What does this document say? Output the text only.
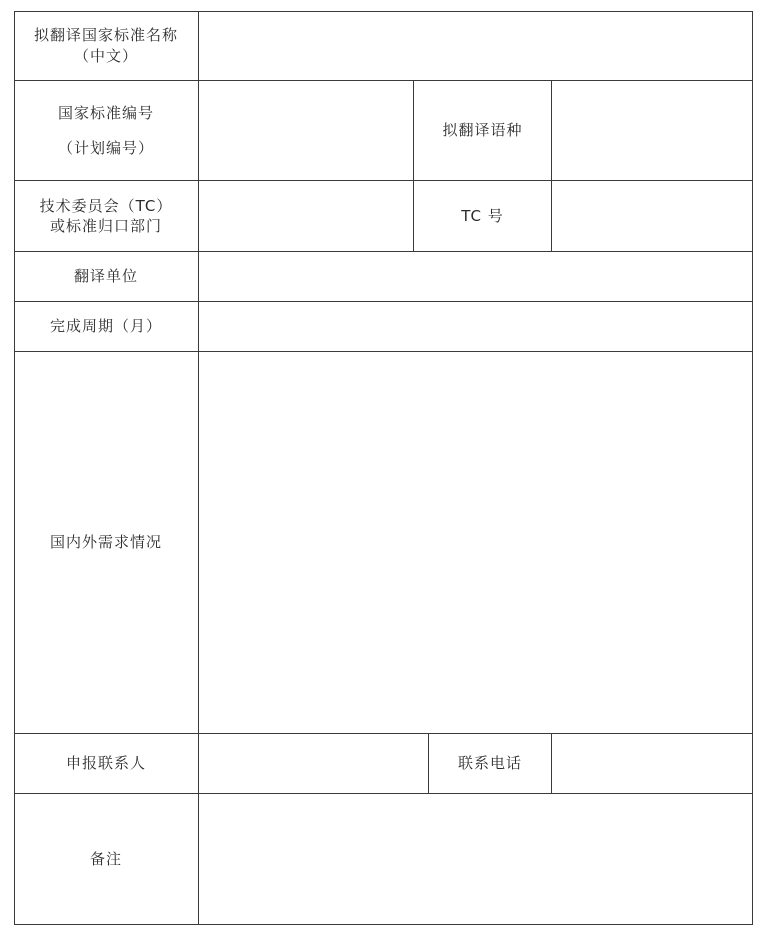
拟翻译国家标准名称
（中文）
国家标准编号
（计划编号）
拟翻译语种
技术委员会（TC）
或标准归口部门
TC 号
翻译单位
完成周期（月）
国内外需求情况
申报联系人	联系电话
备注
